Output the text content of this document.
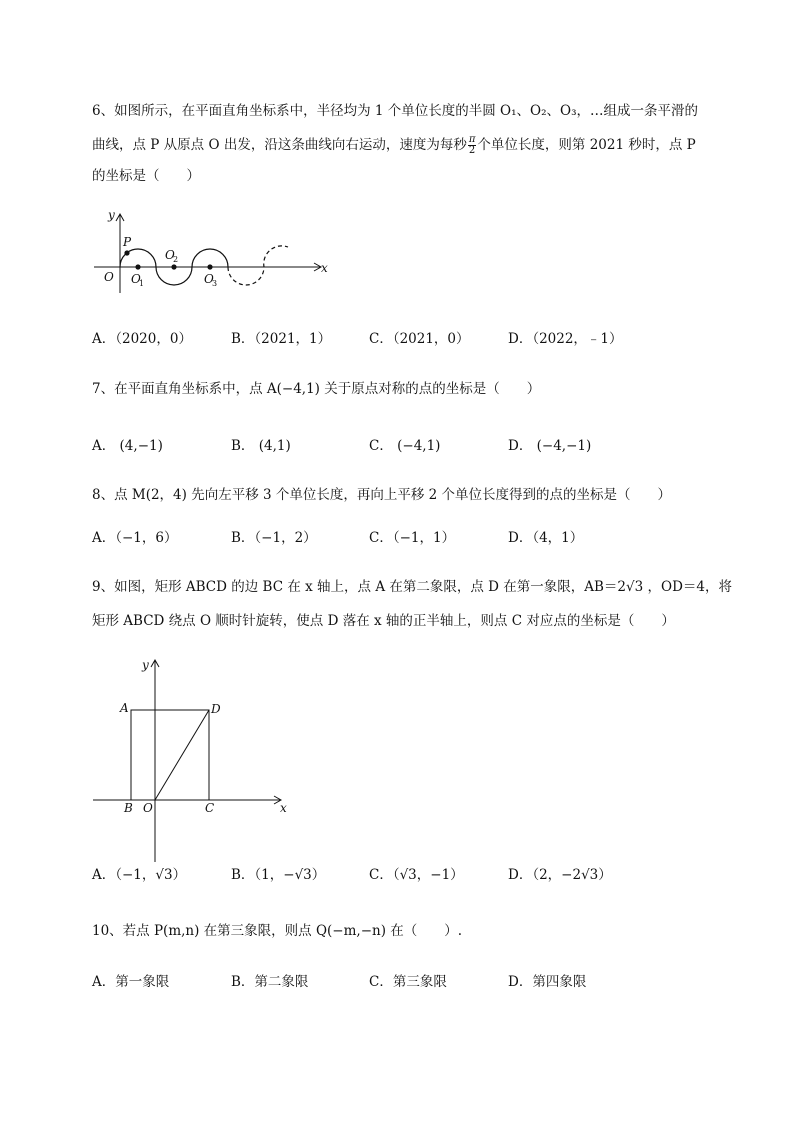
6、如图所示，在平面直角坐标系中，半径均为 1 个单位长度的半圆 O₁、O₂、O₃，…组成一条平滑的
曲线，点 P 从原点 O 出发，沿这条曲线向右运动，速度为每秒 $\frac{\pi}{2}$ 个单位长度，则第 2021 秒时，点 P
的坐标是（　　）
y
x
P
O O
1
O
2
O
3
A．（2020，0）	B．（2021，1）	C．（2021，0）	D．（2022，﹣1）
7、在平面直角坐标系中，点 A(−4,1) 关于原点对称的点的坐标是（　　）
A． (4,−1)	B． (4,1)	C． (−4,1)	D． (−4,−1)
8、点 M(2，4) 先向左平移 3 个单位长度，再向上平移 2 个单位长度得到的点的坐标是（　　）
A．（−1，6）	B．（−1，2）	C．（−1，1）	D．（4，1）
9、如图，矩形 ABCD 的边 BC 在 x 轴上，点 A 在第二象限，点 D 在第一象限，AB＝2√3 ，OD＝4，将
矩形 ABCD 绕点 O 顺时针旋转，使点 D 落在 x 轴的正半轴上，则点 C 对应点的坐标是（　　）
y
x
A	D
B O	C
A．（−1，√3）	B．（1，−√3）	C．（√3，−1）	D．（2，−2√3）
10、若点 P(m,n) 在第三象限，则点 Q(−m,−n) 在（　　）.
A．第一象限	B．第二象限	C．第三象限	D．第四象限
